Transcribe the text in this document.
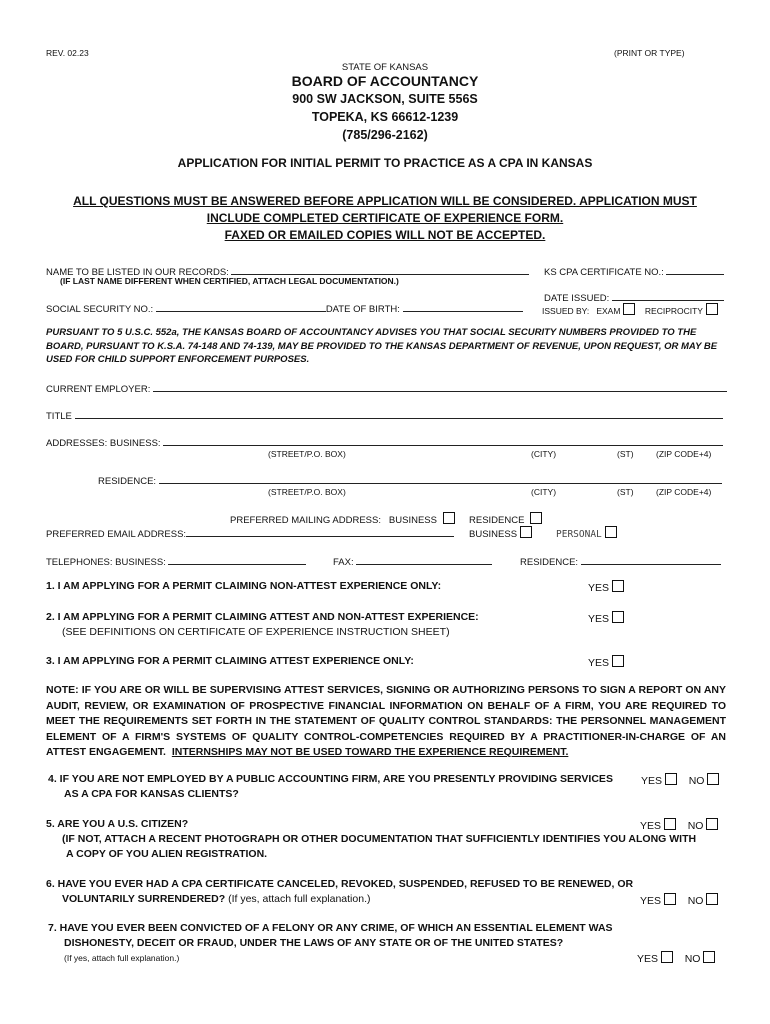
REV. 02.23	(PRINT OR TYPE)
STATE OF KANSAS
BOARD OF ACCOUNTANCY
900 SW JACKSON, SUITE 556S
TOPEKA, KS 66612-1239
(785/296-2162)
APPLICATION FOR INITIAL PERMIT TO PRACTICE AS A CPA IN KANSAS
ALL QUESTIONS MUST BE ANSWERED BEFORE APPLICATION WILL BE CONSIDERED. APPLICATION MUST
INCLUDE COMPLETED CERTIFICATE OF EXPERIENCE FORM.
FAXED OR EMAILED COPIES WILL NOT BE ACCEPTED.
NAME TO BE LISTED IN OUR RECORDS:
(IF LAST NAME DIFFERENT WHEN CERTIFIED, ATTACH LEGAL DOCUMENTATION.)
KS CPA CERTIFICATE NO.:
DATE ISSUED:
SOCIAL SECURITY NO.:	DATE OF BIRTH:	ISSUED BY: EXAM	RECIPROCITY
PURSUANT TO 5 U.S.C. 552a, THE KANSAS BOARD OF ACCOUNTANCY ADVISES YOU THAT SOCIAL SECURITY NUMBERS PROVIDED TO THE BOARD, PURSUANT TO K.S.A. 74-148 AND 74-139, MAY BE PROVIDED TO THE KANSAS DEPARTMENT OF REVENUE, UPON REQUEST, OR MAY BE USED FOR CHILD SUPPORT ENFORCEMENT PURPOSES.
CURRENT EMPLOYER:
TITLE
ADDRESSES: BUSINESS:
(STREET/P.O. BOX)	(CITY)	(ST)	(ZIP CODE+4)
RESIDENCE:
(STREET/P.O. BOX)	(CITY)	(ST)	(ZIP CODE+4)
PREFERRED MAILING ADDRESS: BUSINESS	RESIDENCE
PREFERRED EMAIL ADDRESS:	BUSINESS	PERSONAL
TELEPHONES: BUSINESS:	FAX:	RESIDENCE:
1. I AM APPLYING FOR A PERMIT CLAIMING NON-ATTEST EXPERIENCE ONLY:	YES
2. I AM APPLYING FOR A PERMIT CLAIMING ATTEST AND NON-ATTEST EXPERIENCE:
(SEE DEFINITIONS ON CERTIFICATE OF EXPERIENCE INSTRUCTION SHEET)
YES
3. I AM APPLYING FOR A PERMIT CLAIMING ATTEST EXPERIENCE ONLY:	YES
NOTE: IF YOU ARE OR WILL BE SUPERVISING ATTEST SERVICES, SIGNING OR AUTHORIZING PERSONS TO SIGN A REPORT ON ANY AUDIT, REVIEW, OR EXAMINATION OF PROSPECTIVE FINANCIAL INFORMATION ON BEHALF OF A FIRM, YOU ARE REQUIRED TO MEET THE REQUIREMENTS SET FORTH IN THE STATEMENT OF QUALITY CONTROL STANDARDS: THE PERSONNEL MANAGEMENT ELEMENT OF A FIRM'S SYSTEMS OF QUALITY CONTROL-COMPETENCIES REQUIRED BY A PRACTITIONER-IN-CHARGE OF AN ATTEST ENGAGEMENT. INTERNSHIPS MAY NOT BE USED TOWARD THE EXPERIENCE REQUIREMENT.
4. IF YOU ARE NOT EMPLOYED BY A PUBLIC ACCOUNTING FIRM, ARE YOU PRESENTLY PROVIDING SERVICES
AS A CPA FOR KANSAS CLIENTS?
YES	NO
5. ARE YOU A U.S. CITIZEN?
(IF NOT, ATTACH A RECENT PHOTOGRAPH OR OTHER DOCUMENTATION THAT SUFFICIENTLY IDENTIFIES YOU ALONG WITH
A COPY OF YOU ALIEN REGISTRATION.
YES	NO
6. HAVE YOU EVER HAD A CPA CERTIFICATE CANCELED, REVOKED, SUSPENDED, REFUSED TO BE RENEWED, OR
VOLUNTARILY SURRENDERED? (If yes, attach full explanation.)	YES	NO
7. HAVE YOU EVER BEEN CONVICTED OF A FELONY OR ANY CRIME, OF WHICH AN ESSENTIAL ELEMENT WAS
DISHONESTY, DECEIT OR FRAUD, UNDER THE LAWS OF ANY STATE OR OF THE UNITED STATES?
(If yes, attach full explanation.)	YES	NO
